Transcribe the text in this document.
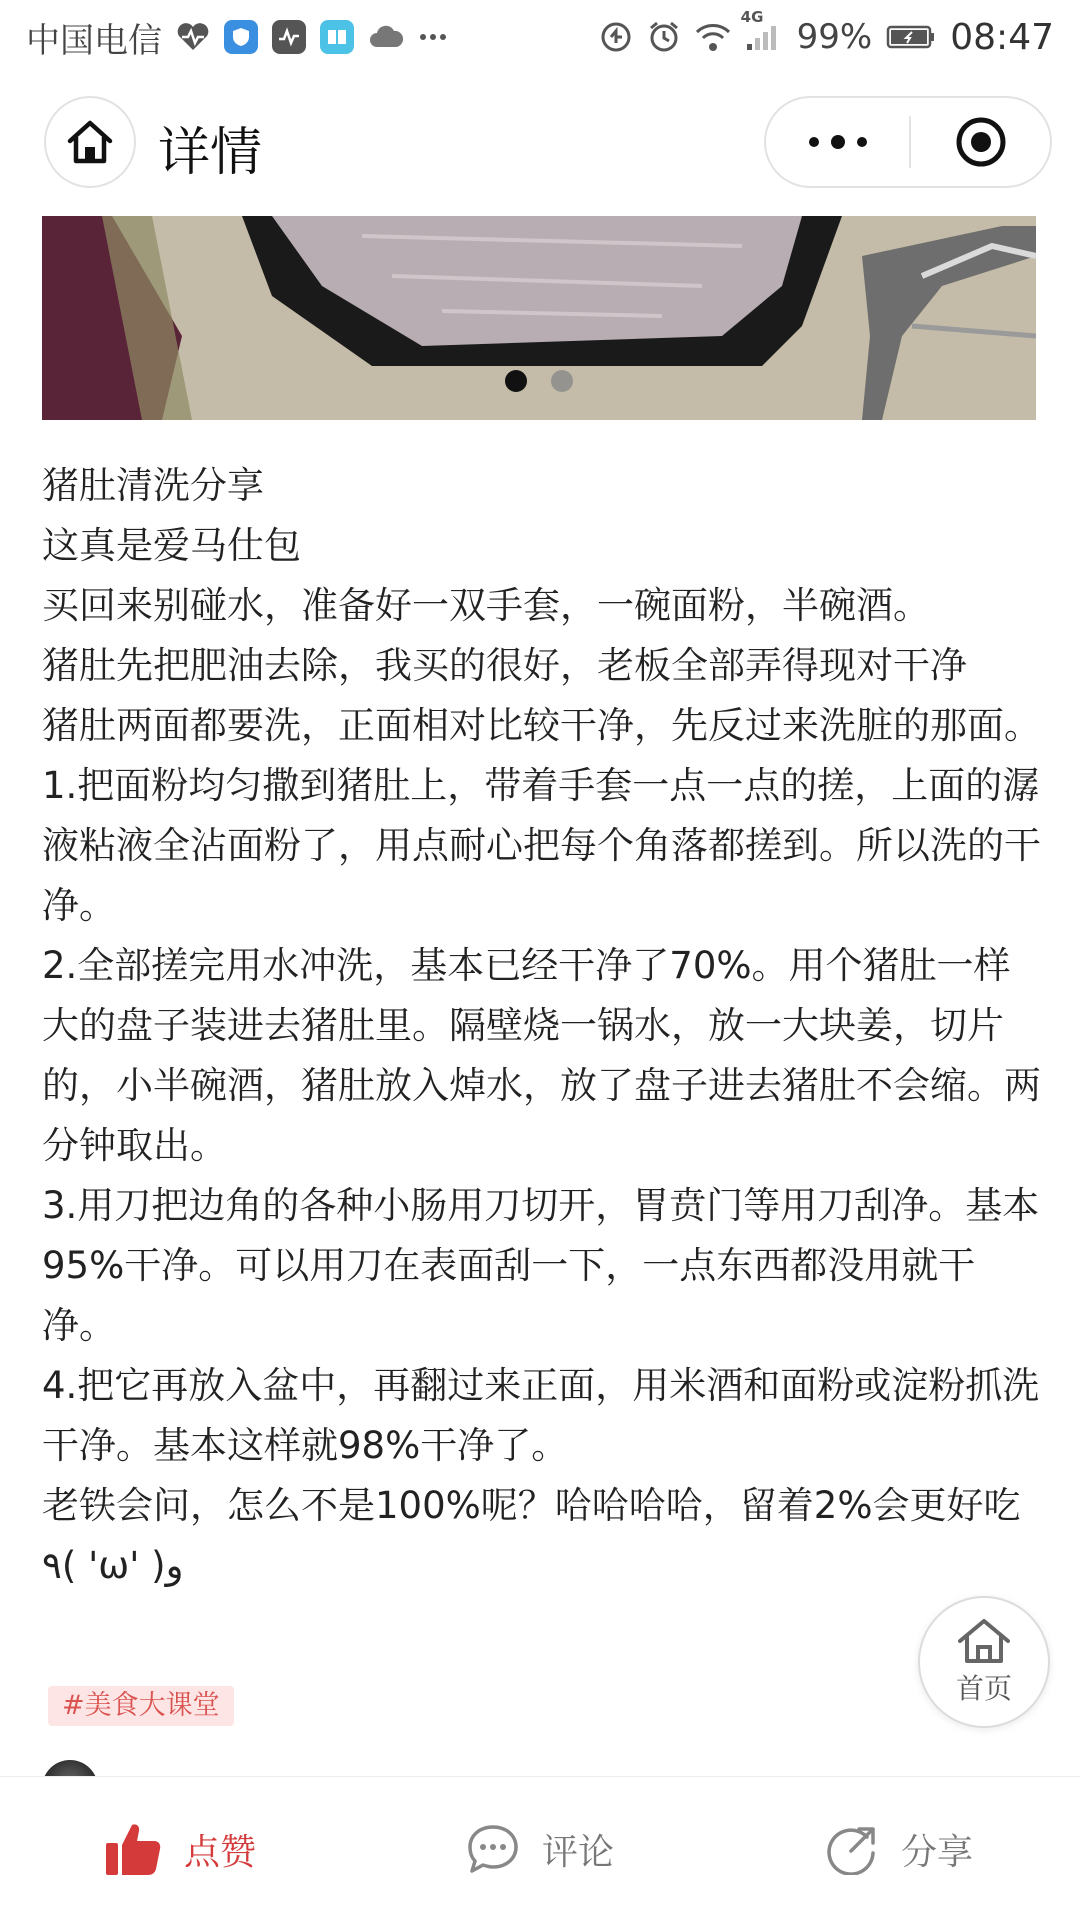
中国电信
4G 99% 08:47
详情

猪肚清洗分享

这真是爱马仕包

买回来别碰水，准备好一双手套，一碗面粉，半碗酒。

猪肚先把肥油去除，我买的很好，老板全部弄得现对干净

猪肚两面都要洗，正面相对比较干净，先反过来洗脏的那面。

1.把面粉均匀撒到猪肚上，带着手套一点一点的搓，上面的潺液粘液全沾面粉了，用点耐心把每个角落都搓到。所以洗的干净。

2.全部搓完用水冲洗，基本已经干净了70%。用个猪肚一样大的盘子装进去猪肚里。隔壁烧一锅水，放一大块姜，切片的，小半碗酒，猪肚放入焯水，放了盘子进去猪肚不会缩。两分钟取出。

3.用刀把边角的各种小肠用刀切开，胃贲门等用刀刮净。基本95%干净。可以用刀在表面刮一下，一点东西都没用就干净。

4.把它再放入盆中，再翻过来正面，用米酒和面粉或淀粉抓洗干净。基本这样就98%干净了。

老铁会问，怎么不是100%呢？哈哈哈哈，留着2%会更好吃٩( 'ω' )و

#美食大课堂
首页
点赞	评论	分享
